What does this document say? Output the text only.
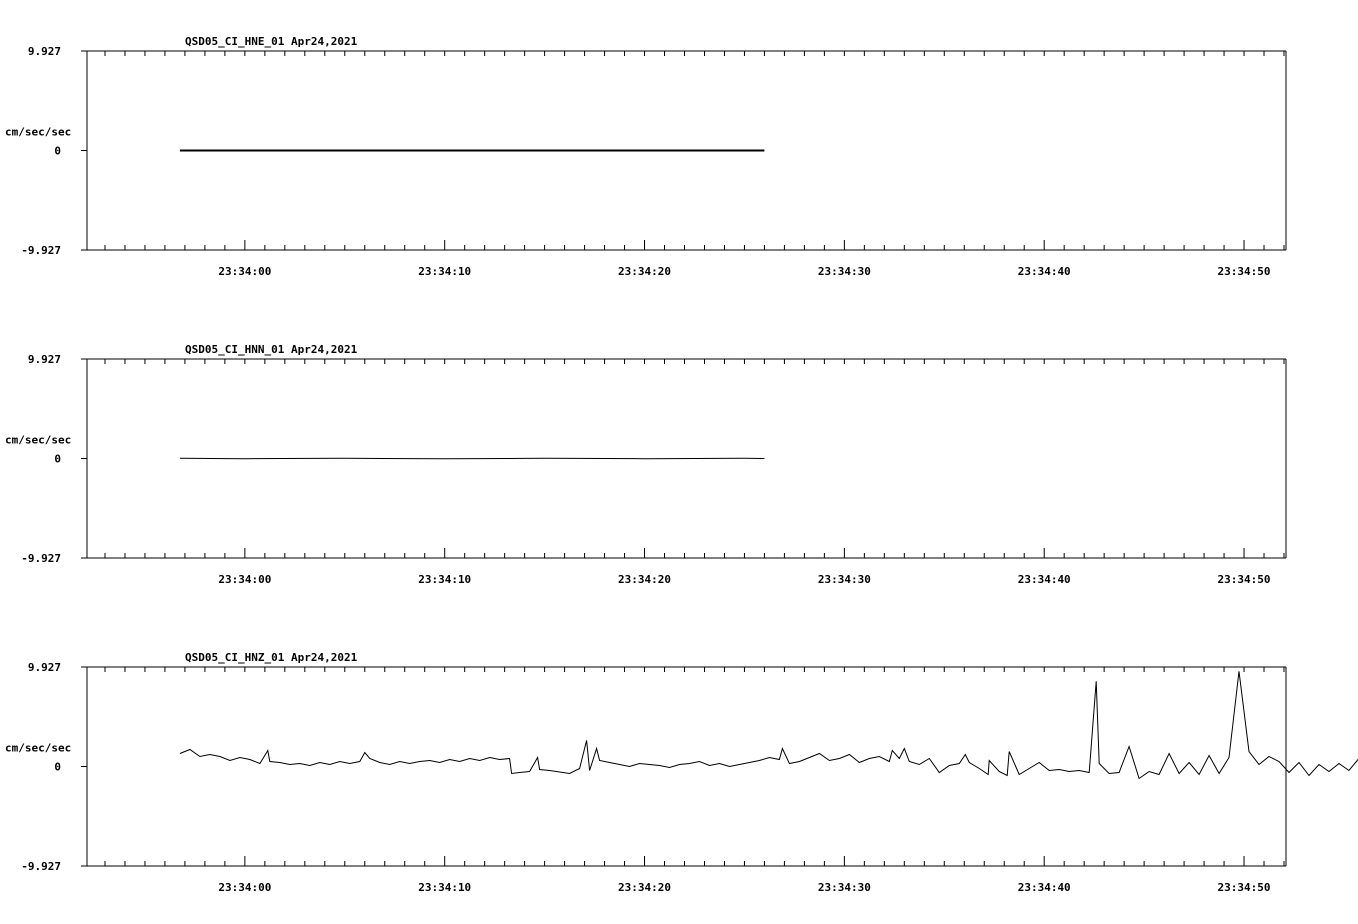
23:34:00	23:34:10	23:34:20	23:34:30	23:34:40	23:34:50
9.927
0
-9.927
cm/sec/sec
QSD05_CI_HNE_01 Apr24,2021
23:34:00	23:34:10	23:34:20	23:34:30	23:34:40	23:34:50
9.927
0
-9.927
cm/sec/sec
QSD05_CI_HNN_01 Apr24,2021
23:34:00	23:34:10	23:34:20	23:34:30	23:34:40	23:34:50
9.927
0
-9.927
cm/sec/sec
QSD05_CI_HNZ_01 Apr24,2021
